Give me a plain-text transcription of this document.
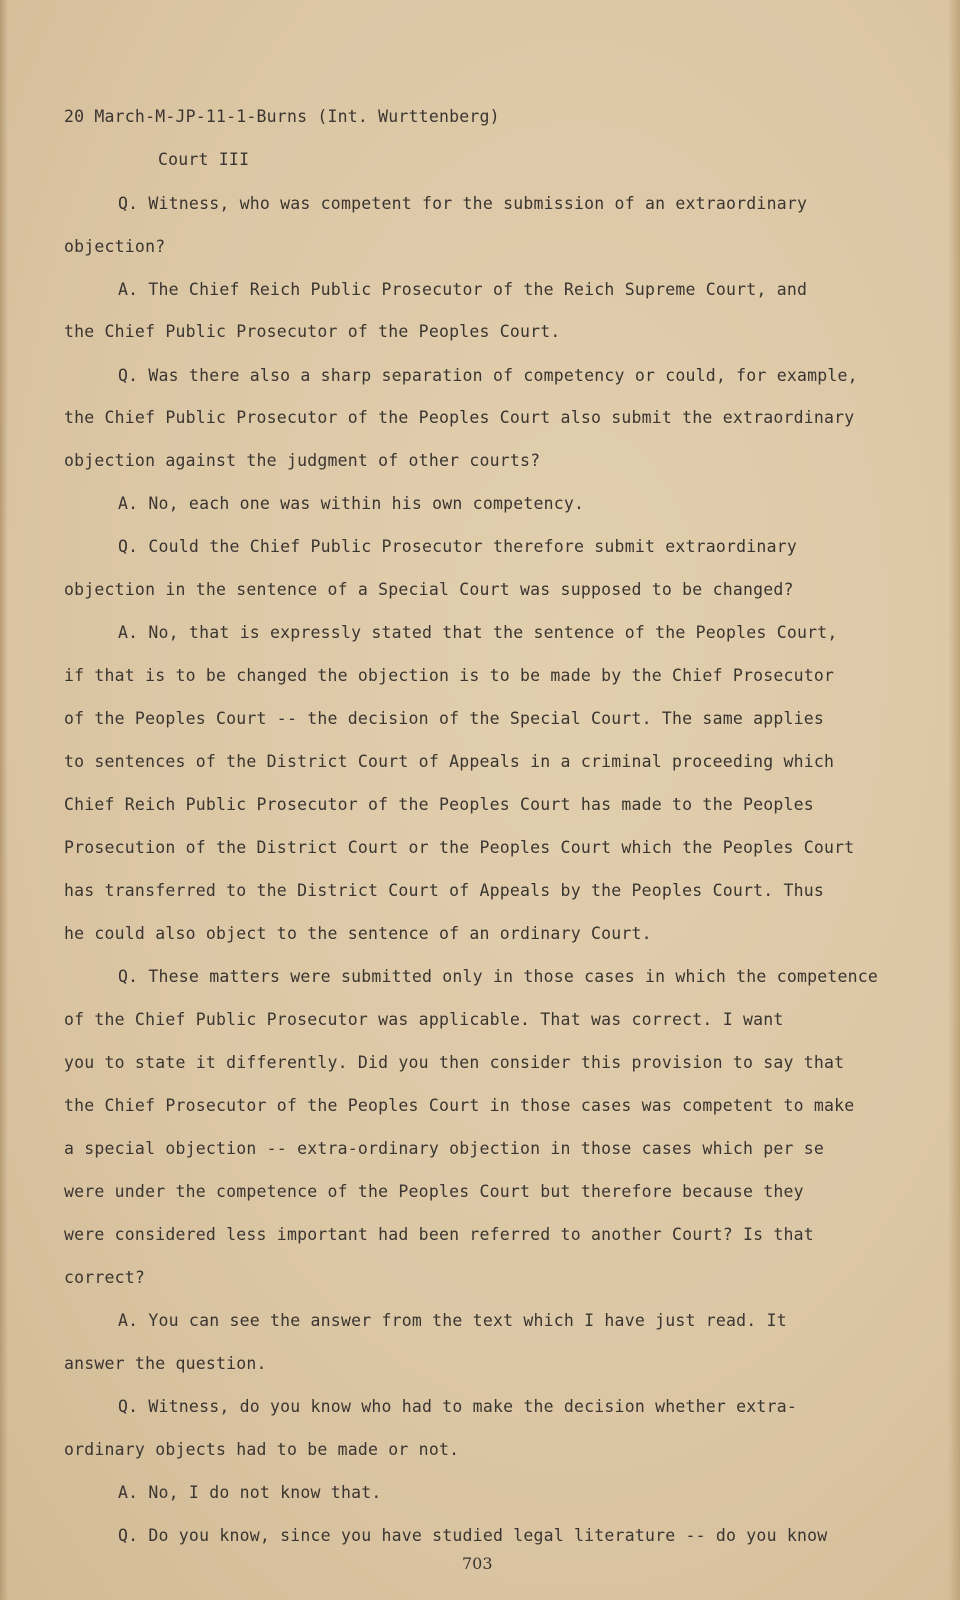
20 March-M-JP-11-1-Burns (Int. Wurttenberg)
Court III
Q. Witness, who was competent for the submission of an extraordinary
objection?
A. The Chief Reich Public Prosecutor of the Reich Supreme Court, and
the Chief Public Prosecutor of the Peoples Court.
Q. Was there also a sharp separation of competency or could, for example,
the Chief Public Prosecutor of the Peoples Court also submit the extraordinary
objection against the judgment of other courts?
A. No, each one was within his own competency.
Q. Could the Chief Public Prosecutor therefore submit extraordinary
objection in the sentence of a Special Court was supposed to be changed?
A. No, that is expressly stated that the sentence of the Peoples Court,
if that is to be changed the objection is to be made by the Chief Prosecutor
of the Peoples Court -- the decision of the Special Court. The same applies
to sentences of the District Court of Appeals in a criminal proceeding which
Chief Reich Public Prosecutor of the Peoples Court has made to the Peoples
Prosecution of the District Court or the Peoples Court which the Peoples Court
has transferred to the District Court of Appeals by the Peoples Court. Thus
he could also object to the sentence of an ordinary Court.
Q. These matters were submitted only in those cases in which the competence
of the Chief Public Prosecutor was applicable. That was correct. I want
you to state it differently. Did you then consider this provision to say that
the Chief Prosecutor of the Peoples Court in those cases was competent to make
a special objection -- extra-ordinary objection in those cases which per se
were under the competence of the Peoples Court but therefore because they
were considered less important had been referred to another Court? Is that
correct?
A. You can see the answer from the text which I have just read. It
answer the question.
Q. Witness, do you know who had to make the decision whether extra-
ordinary objects had to be made or not.
A. No, I do not know that.
Q. Do you know, since you have studied legal literature -- do you know
703
